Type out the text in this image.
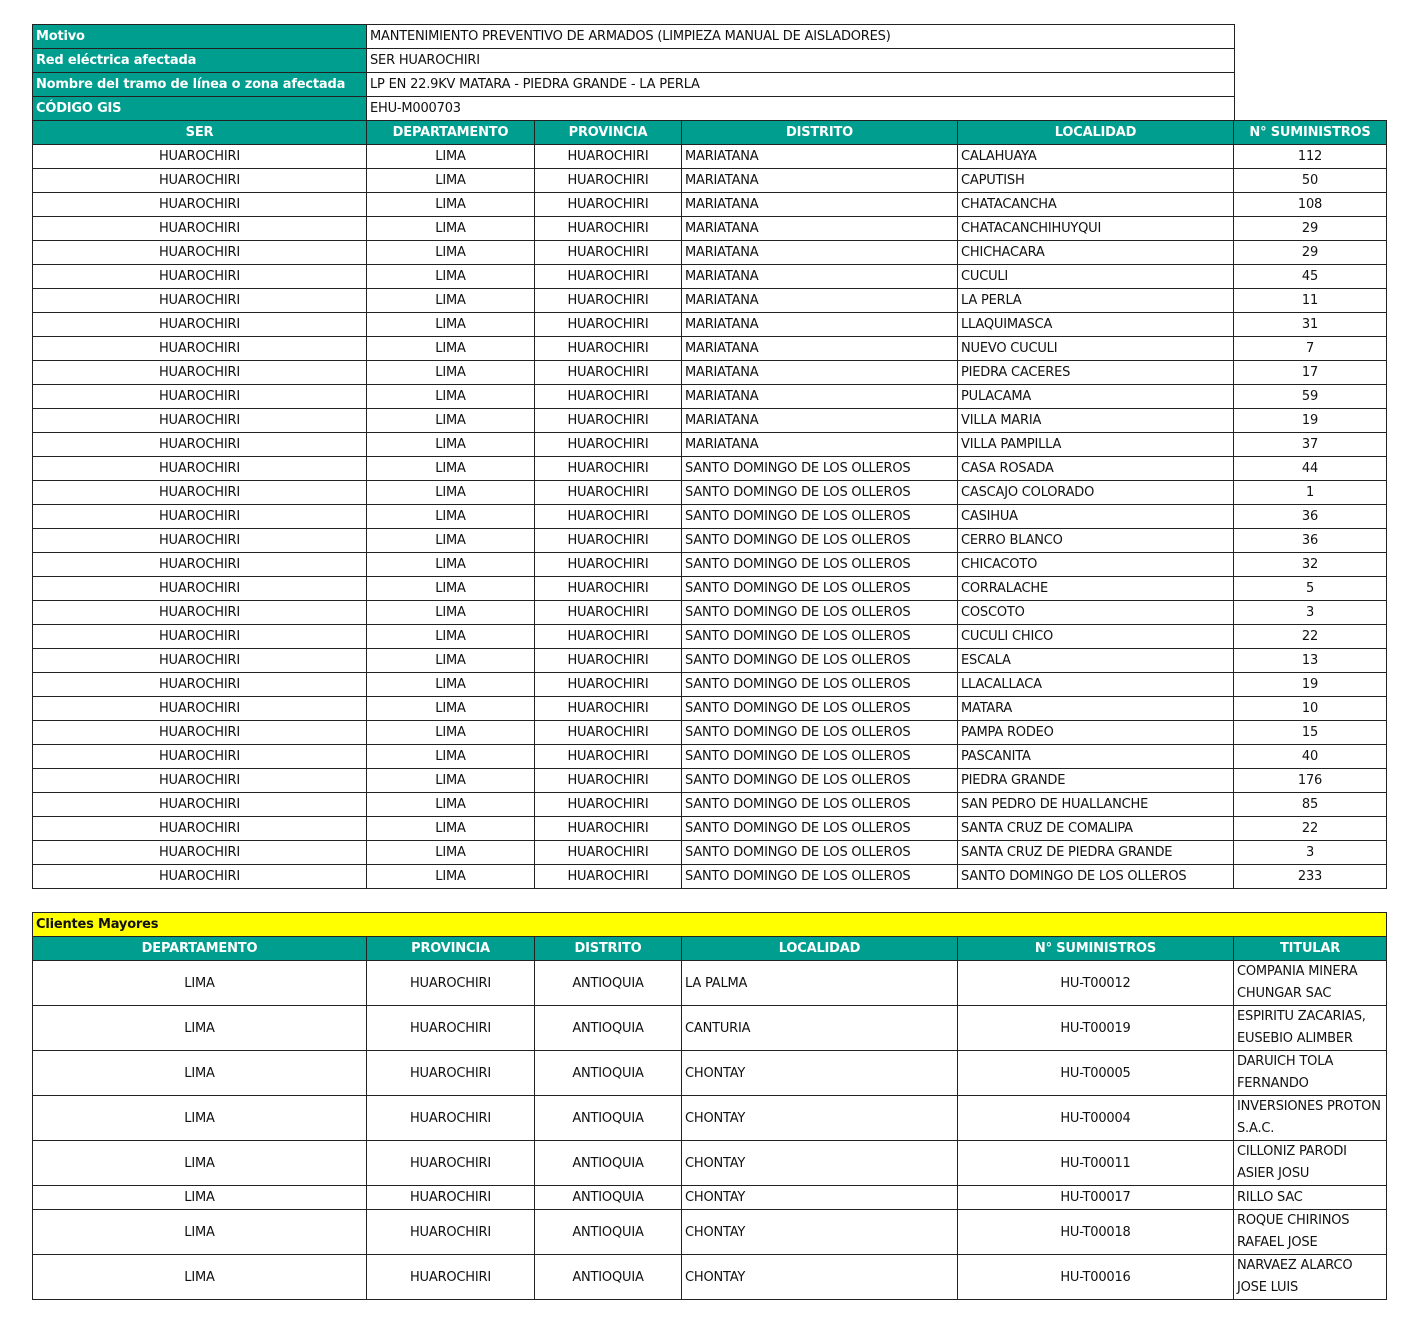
Motivo	MANTENIMIENTO PREVENTIVO DE ARMADOS (LIMPIEZA MANUAL DE AISLADORES)
Red eléctrica afectada	SER HUAROCHIRI
Nombre del tramo de línea o zona afectada	LP EN 22.9KV MATARA - PIEDRA GRANDE - LA PERLA
CÓDIGO GIS	EHU-M000703
SER	DEPARTAMENTO	PROVINCIA	DISTRITO	LOCALIDAD	N° SUMINISTROS
HUAROCHIRI	LIMA	HUAROCHIRI	MARIATANA	CALAHUAYA	112
HUAROCHIRI	LIMA	HUAROCHIRI	MARIATANA	CAPUTISH	50
HUAROCHIRI	LIMA	HUAROCHIRI	MARIATANA	CHATACANCHA	108
HUAROCHIRI	LIMA	HUAROCHIRI	MARIATANA	CHATACANCHIHUYQUI	29
HUAROCHIRI	LIMA	HUAROCHIRI	MARIATANA	CHICHACARA	29
HUAROCHIRI	LIMA	HUAROCHIRI	MARIATANA	CUCULI	45
HUAROCHIRI	LIMA	HUAROCHIRI	MARIATANA	LA PERLA	11
HUAROCHIRI	LIMA	HUAROCHIRI	MARIATANA	LLAQUIMASCA	31
HUAROCHIRI	LIMA	HUAROCHIRI	MARIATANA	NUEVO CUCULI	7
HUAROCHIRI	LIMA	HUAROCHIRI	MARIATANA	PIEDRA CACERES	17
HUAROCHIRI	LIMA	HUAROCHIRI	MARIATANA	PULACAMA	59
HUAROCHIRI	LIMA	HUAROCHIRI	MARIATANA	VILLA MARIA	19
HUAROCHIRI	LIMA	HUAROCHIRI	MARIATANA	VILLA PAMPILLA	37
HUAROCHIRI	LIMA	HUAROCHIRI	SANTO DOMINGO DE LOS OLLEROS	CASA ROSADA	44
HUAROCHIRI	LIMA	HUAROCHIRI	SANTO DOMINGO DE LOS OLLEROS	CASCAJO COLORADO	1
HUAROCHIRI	LIMA	HUAROCHIRI	SANTO DOMINGO DE LOS OLLEROS	CASIHUA	36
HUAROCHIRI	LIMA	HUAROCHIRI	SANTO DOMINGO DE LOS OLLEROS	CERRO BLANCO	36
HUAROCHIRI	LIMA	HUAROCHIRI	SANTO DOMINGO DE LOS OLLEROS	CHICACOTO	32
HUAROCHIRI	LIMA	HUAROCHIRI	SANTO DOMINGO DE LOS OLLEROS	CORRALACHE	5
HUAROCHIRI	LIMA	HUAROCHIRI	SANTO DOMINGO DE LOS OLLEROS	COSCOTO	3
HUAROCHIRI	LIMA	HUAROCHIRI	SANTO DOMINGO DE LOS OLLEROS	CUCULI CHICO	22
HUAROCHIRI	LIMA	HUAROCHIRI	SANTO DOMINGO DE LOS OLLEROS	ESCALA	13
HUAROCHIRI	LIMA	HUAROCHIRI	SANTO DOMINGO DE LOS OLLEROS	LLACALLACA	19
HUAROCHIRI	LIMA	HUAROCHIRI	SANTO DOMINGO DE LOS OLLEROS	MATARA	10
HUAROCHIRI	LIMA	HUAROCHIRI	SANTO DOMINGO DE LOS OLLEROS	PAMPA RODEO	15
HUAROCHIRI	LIMA	HUAROCHIRI	SANTO DOMINGO DE LOS OLLEROS	PASCANITA	40
HUAROCHIRI	LIMA	HUAROCHIRI	SANTO DOMINGO DE LOS OLLEROS	PIEDRA GRANDE	176
HUAROCHIRI	LIMA	HUAROCHIRI	SANTO DOMINGO DE LOS OLLEROS	SAN PEDRO DE HUALLANCHE	85
HUAROCHIRI	LIMA	HUAROCHIRI	SANTO DOMINGO DE LOS OLLEROS	SANTA CRUZ DE COMALIPA	22
HUAROCHIRI	LIMA	HUAROCHIRI	SANTO DOMINGO DE LOS OLLEROS	SANTA CRUZ DE PIEDRA GRANDE	3
HUAROCHIRI	LIMA	HUAROCHIRI	SANTO DOMINGO DE LOS OLLEROS	SANTO DOMINGO DE LOS OLLEROS	233
Clientes Mayores					
DEPARTAMENTO	PROVINCIA	DISTRITO	LOCALIDAD	N° SUMINISTROS	TITULAR
LIMA	HUAROCHIRI	ANTIOQUIA	LA PALMA	HU-T00012	COMPANIA MINERA CHUNGAR SAC
LIMA	HUAROCHIRI	ANTIOQUIA	CANTURIA	HU-T00019	ESPIRITU ZACARIAS, EUSEBIO ALIMBER
LIMA	HUAROCHIRI	ANTIOQUIA	CHONTAY	HU-T00005	DARUICH TOLA FERNANDO
LIMA	HUAROCHIRI	ANTIOQUIA	CHONTAY	HU-T00004	INVERSIONES PROTON S.A.C.
LIMA	HUAROCHIRI	ANTIOQUIA	CHONTAY	HU-T00011	CILLONIZ PARODI ASIER JOSU
LIMA	HUAROCHIRI	ANTIOQUIA	CHONTAY	HU-T00017	RILLO SAC
LIMA	HUAROCHIRI	ANTIOQUIA	CHONTAY	HU-T00018	ROQUE CHIRINOS RAFAEL JOSE
LIMA	HUAROCHIRI	ANTIOQUIA	CHONTAY	HU-T00016	NARVAEZ ALARCO JOSE LUIS
